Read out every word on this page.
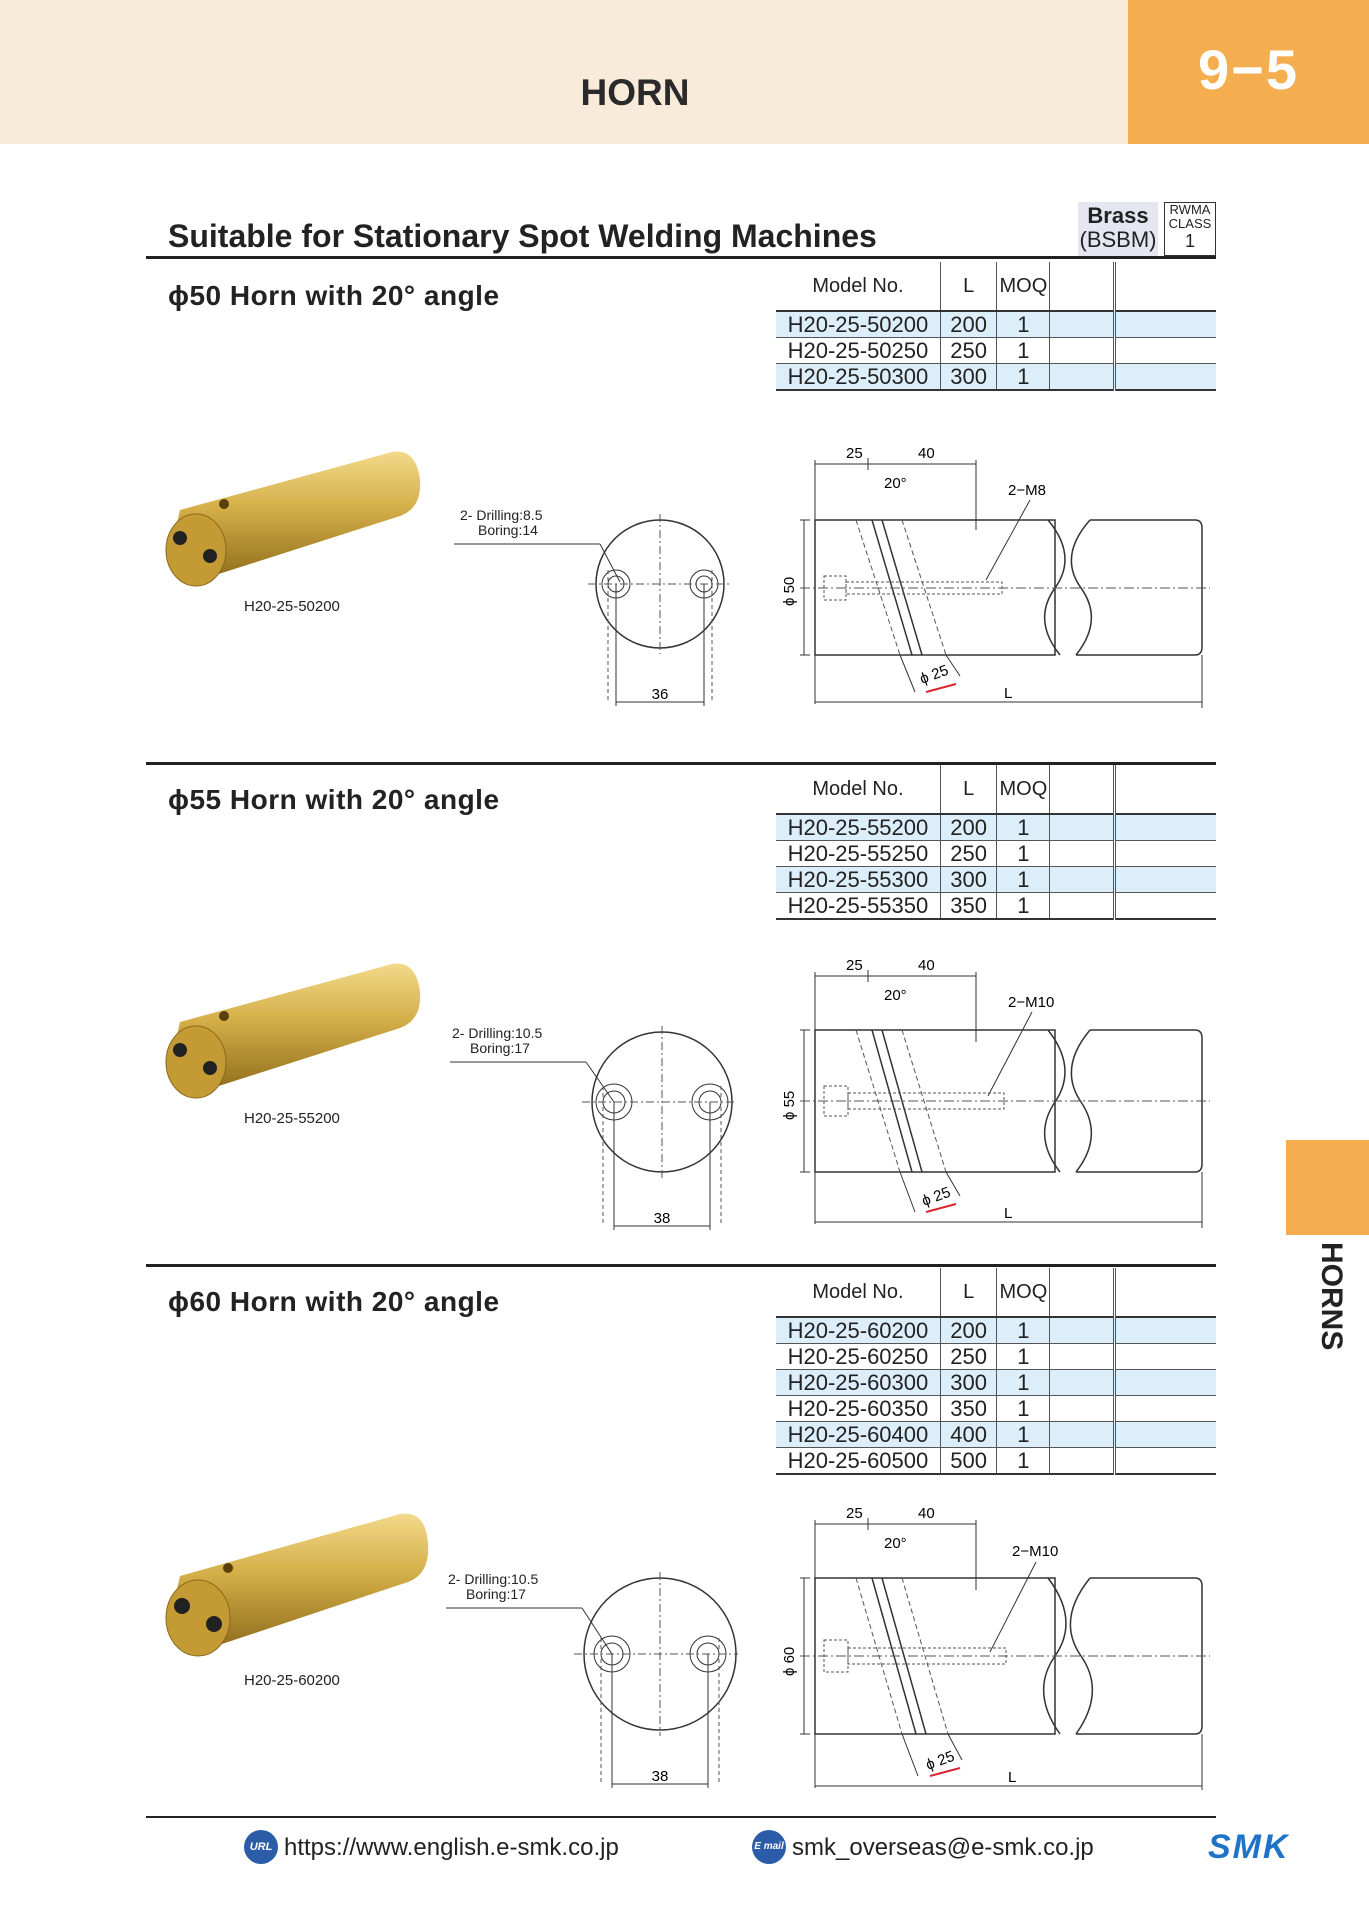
HORN	9−5
Suitable for Stationary Spot Welding Machines
Brass
(BSBM)
RWMA
CLASS
1
ϕ50 Horn with 20° angle	Model No.	L	MOQ		
H20-25-50200	200	1		
H20-25-50250	250	1		
H20-25-50300	300	1		
H20-25-50200
2- Drilling:8.5
Boring:14
36
25	40
20°	2−M8
ϕ 50
ϕ 25
L
ϕ55 Horn with 20° angle	Model No.	L	MOQ		
H20-25-55200	200	1		
H20-25-55250	250	1		
H20-25-55300	300	1		
H20-25-55350	350	1		
H20-25-55200
2- Drilling:10.5
Boring:17
38
25	40
20°	2−M10
ϕ 55
ϕ 25
L
ϕ60 Horn with 20° angle	Model No.	L	MOQ		
H20-25-60200	200	1		
H20-25-60250	250	1		
H20-25-60300	300	1		
H20-25-60350	350	1		
H20-25-60400	400	1		
H20-25-60500	500	1		
H20-25-60200
2- Drilling:10.5
Boring:17
38
25	40
20°	2−M10
ϕ 60
ϕ 25
L
HORNS
URL https://www.english.e-smk.co.jp	E mail smk_overseas@e-smk.co.jp	SMK
